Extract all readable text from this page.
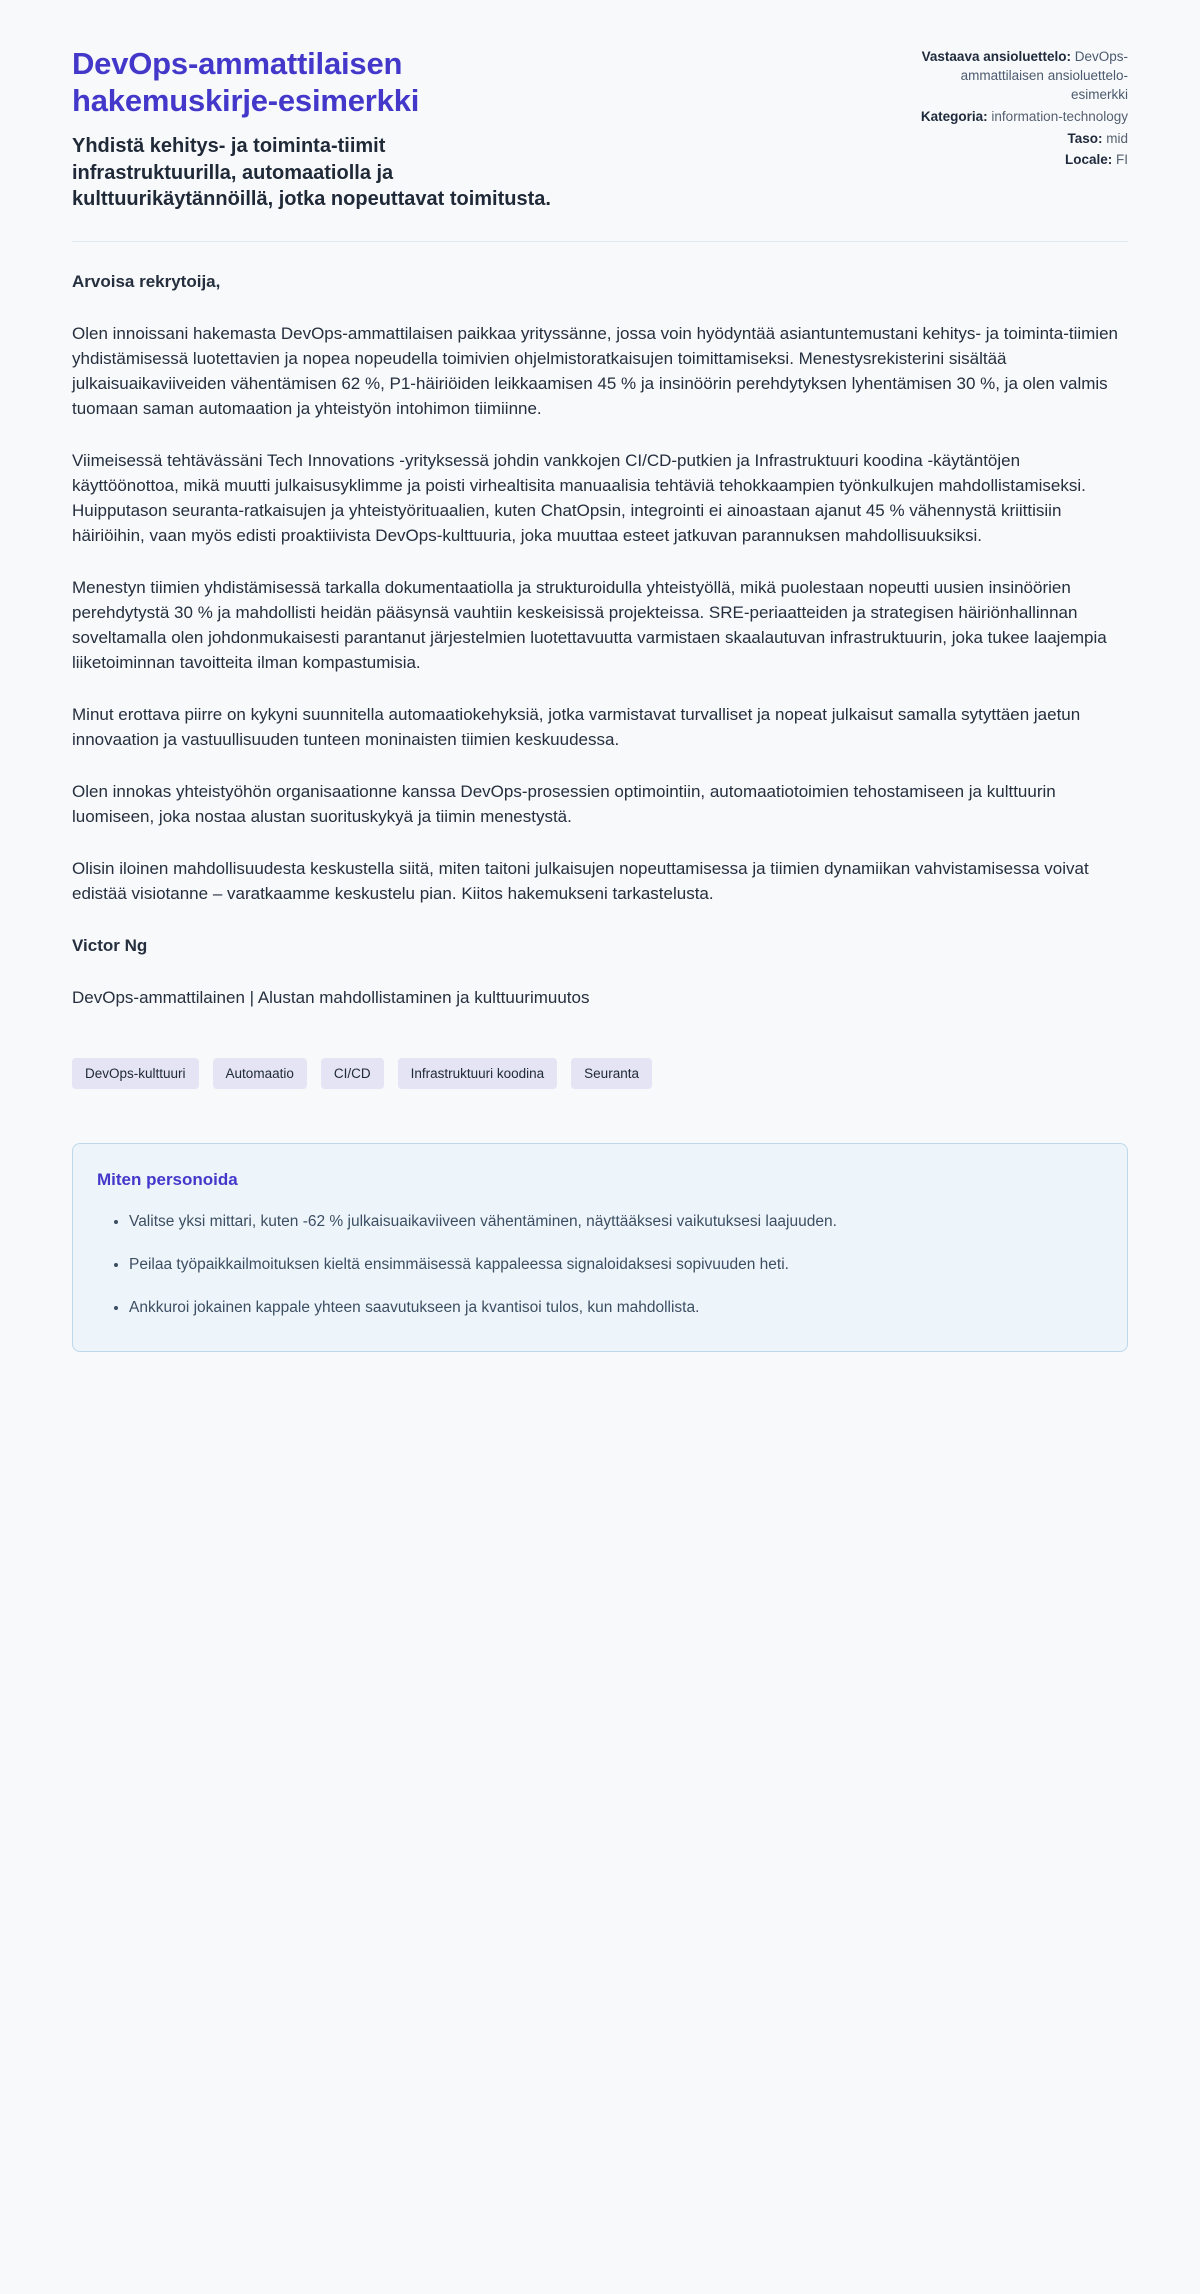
DevOps-ammattilaisen hakemuskirje-esimerkki
Yhdistä kehitys- ja toiminta-tiimit infrastruktuurilla, automaatiolla ja kulttuurikäytännöillä, jotka nopeuttavat toimitusta.
Vastaava ansioluettelo: DevOps-ammattilaisen ansioluettelo-esimerkki
Kategoria: information-technology
Taso: mid
Locale: FI

Arvoisa rekrytoija,

Olen innoissani hakemasta DevOps-ammattilaisen paikkaa yrityssänne, jossa voin hyödyntää asiantuntemustani kehitys- ja toiminta-tiimien yhdistämisessä luotettavien ja nopea nopeudella toimivien ohjelmistoratkaisujen toimittamiseksi. Menestysrekisterini sisältää julkaisuaikaviiveiden vähentämisen 62 %, P1-häiriöiden leikkaamisen 45 % ja insinöörin perehdytyksen lyhentämisen 30 %, ja olen valmis tuomaan saman automaation ja yhteistyön intohimon tiimiinne.

Viimeisessä tehtävässäni Tech Innovations -yrityksessä johdin vankkojen CI/CD-putkien ja Infrastruktuuri koodina -käytäntöjen käyttöönottoa, mikä muutti julkaisusyklimme ja poisti virhealtisita manuaalisia tehtäviä tehokkaampien työnkulkujen mahdollistamiseksi. Huipputason seuranta-ratkaisujen ja yhteistyörituaalien, kuten ChatOpsin, integrointi ei ainoastaan ajanut 45 % vähennystä kriittisiin häiriöihin, vaan myös edisti proaktiivista DevOps-kulttuuria, joka muuttaa esteet jatkuvan parannuksen mahdollisuuksiksi.

Menestyn tiimien yhdistämisessä tarkalla dokumentaatiolla ja strukturoidulla yhteistyöllä, mikä puolestaan nopeutti uusien insinöörien perehdytystä 30 % ja mahdollisti heidän pääsynsä vauhtiin keskeisissä projekteissa. SRE-periaatteiden ja strategisen häiriönhallinnan soveltamalla olen johdonmukaisesti parantanut järjestelmien luotettavuutta varmistaen skaalautuvan infrastruktuurin, joka tukee laajempia liiketoiminnan tavoitteita ilman kompastumisia.

Minut erottava piirre on kykyni suunnitella automaatiokehyksiä, jotka varmistavat turvalliset ja nopeat julkaisut samalla sytyttäen jaetun innovaation ja vastuullisuuden tunteen moninaisten tiimien keskuudessa.

Olen innokas yhteistyöhön organisaationne kanssa DevOps-prosessien optimointiin, automaatiotoimien tehostamiseen ja kulttuurin luomiseen, joka nostaa alustan suorituskykyä ja tiimin menestystä.

Olisin iloinen mahdollisuudesta keskustella siitä, miten taitoni julkaisujen nopeuttamisessa ja tiimien dynamiikan vahvistamisessa voivat edistää visiotanne – varatkaamme keskustelu pian. Kiitos hakemukseni tarkastelusta.

Victor Ng

DevOps-ammattilainen | Alustan mahdollistaminen ja kulttuurimuutos

DevOps-kulttuuri	Automaatio	CI/CD	Infrastruktuuri koodina	Seuranta
Miten personoida
• Valitse yksi mittari, kuten -62 % julkaisuaikaviiveen vähentäminen, näyttääksesi vaikutuksesi laajuuden.
• Peilaa työpaikkailmoituksen kieltä ensimmäisessä kappaleessa signaloidaksesi sopivuuden heti.
• Ankkuroi jokainen kappale yhteen saavutukseen ja kvantisoi tulos, kun mahdollista.
